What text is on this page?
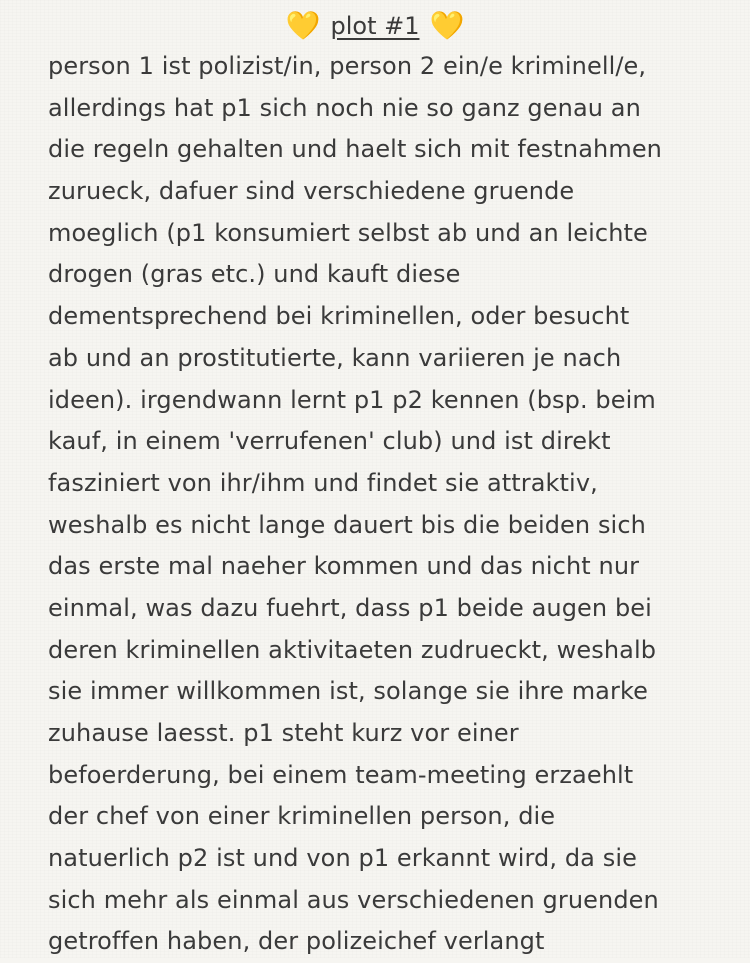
💛 plot #1 💛
person 1 ist polizist/in, person 2 ein/e kriminell/e,
allerdings hat p1 sich noch nie so ganz genau an
die regeln gehalten und haelt sich mit festnahmen
zurueck, dafuer sind verschiedene gruende
moeglich (p1 konsumiert selbst ab und an leichte
drogen (gras etc.) und kauft diese
dementsprechend bei kriminellen, oder besucht
ab und an prostitutierte, kann variieren je nach
ideen). irgendwann lernt p1 p2 kennen (bsp. beim
kauf, in einem 'verrufenen' club) und ist direkt
fasziniert von ihr/ihm und findet sie attraktiv,
weshalb es nicht lange dauert bis die beiden sich
das erste mal naeher kommen und das nicht nur
einmal, was dazu fuehrt, dass p1 beide augen bei
deren kriminellen aktivitaeten zudrueckt, weshalb
sie immer willkommen ist, solange sie ihre marke
zuhause laesst. p1 steht kurz vor einer
befoerderung, bei einem team-meeting erzaehlt
der chef von einer kriminellen person, die
natuerlich p2 ist und von p1 erkannt wird, da sie
sich mehr als einmal aus verschiedenen gruenden
getroffen haben, der polizeichef verlangt
